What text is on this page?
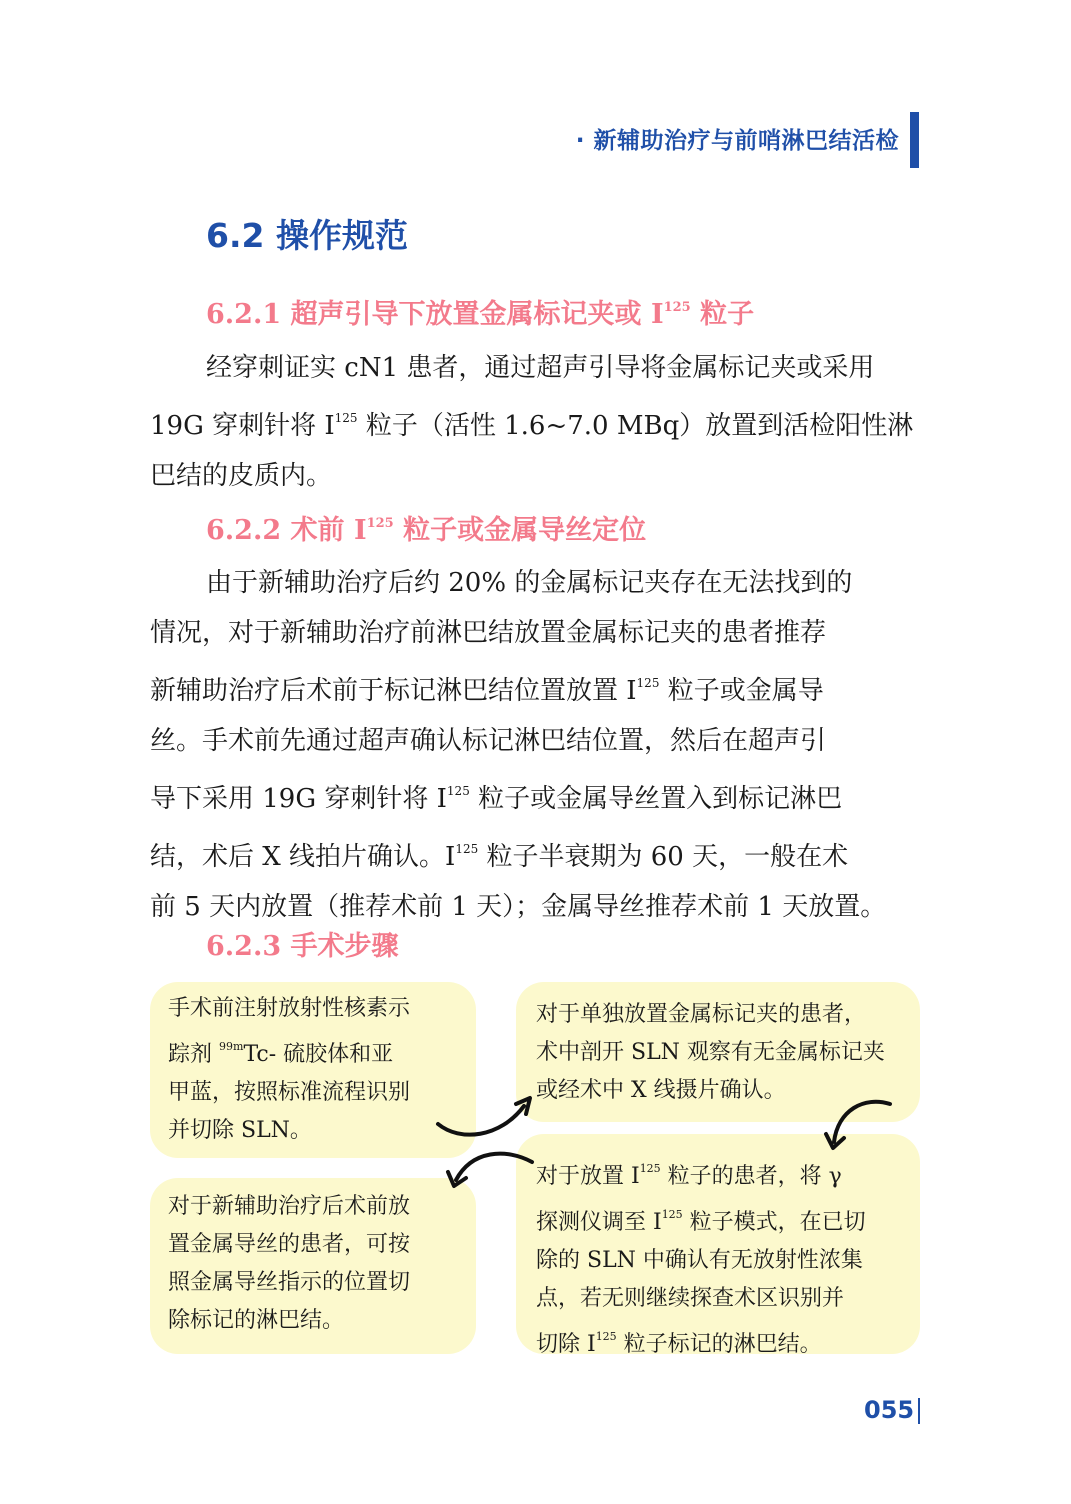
· 新辅助治疗与前哨淋巴结活检
6.2 操作规范
6.2.1 超声引导下放置金属标记夹或 $I^{125}$ 粒子

经穿刺证实 cN1 患者，通过超声引导将金属标记夹或采用
19G 穿刺针将 $I^{125}$ 粒子（活性 1.6~7.0 MBq）放置到活检阳性淋
巴结的皮质内。

6.2.2 术前 $I^{125}$ 粒子或金属导丝定位

由于新辅助治疗后约 20% 的金属标记夹存在无法找到的
情况，对于新辅助治疗前淋巴结放置金属标记夹的患者推荐
新辅助治疗后术前于标记淋巴结位置放置 $I^{125}$ 粒子或金属导
丝。手术前先通过超声确认标记淋巴结位置，然后在超声引
导下采用 19G 穿刺针将 $I^{125}$ 粒子或金属导丝置入到标记淋巴
结，术后 X 线拍片确认。$I^{125}$ 粒子半衰期为 60 天，一般在术
前 5 天内放置（推荐术前 1 天）；金属导丝推荐术前 1 天放置。

6.2.3 手术步骤
手术前注射放射性核素示
踪剂 $^{99m}$Tc- 硫胶体和亚
甲蓝，按照标准流程识别
并切除 SLN。
对于单独放置金属标记夹的患者，
术中剖开 SLN 观察有无金属标记夹
或经术中 X 线摄片确认。
对于放置 $I^{125}$ 粒子的患者，将 γ
探测仪调至 $I^{125}$ 粒子模式，在已切
除的 SLN 中确认有无放射性浓集
点，若无则继续探查术区识别并
切除 $I^{125}$ 粒子标记的淋巴结。
对于新辅助治疗后术前放
置金属导丝的患者，可按
照金属导丝指示的位置切
除标记的淋巴结。
055
